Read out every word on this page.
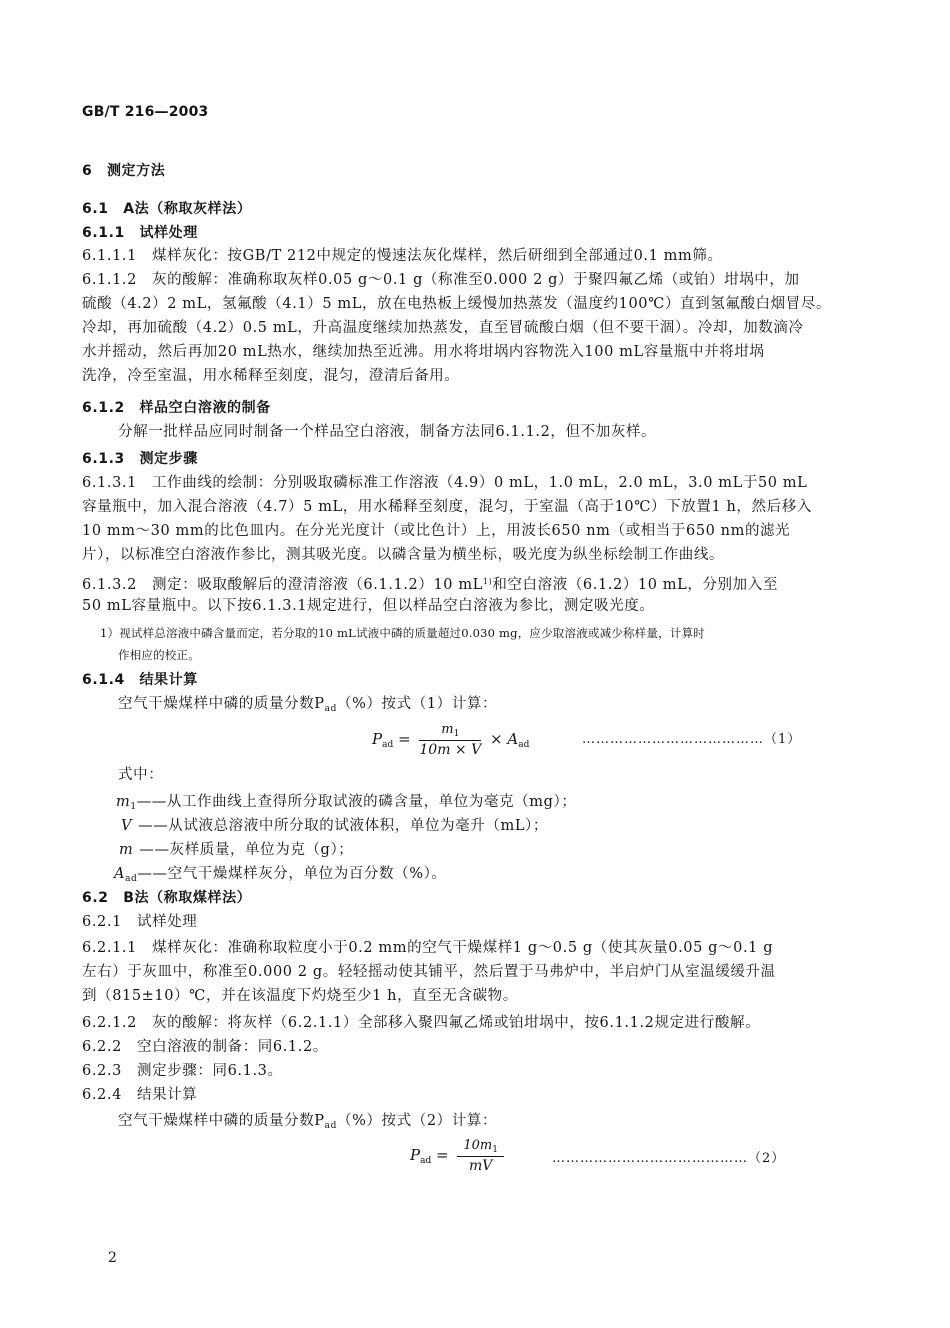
GB/T 216—2003
6　测定方法
6.1　A法（称取灰样法）
6.1.1　试样处理
6.1.1.1　煤样灰化：按GB/T 212中规定的慢速法灰化煤样，然后研细到全部通过0.1 mm筛。
6.1.1.2　灰的酸解：准确称取灰样0.05 g～0.1 g（称准至0.000 2 g）于聚四氟乙烯（或铂）坩埚中，加
硫酸（4.2）2 mL，氢氟酸（4.1）5 mL，放在电热板上缓慢加热蒸发（温度约100℃）直到氢氟酸白烟冒尽。
冷却，再加硫酸（4.2）0.5 mL，升高温度继续加热蒸发，直至冒硫酸白烟（但不要干涸）。冷却，加数滴冷
水并摇动，然后再加20 mL热水，继续加热至近沸。用水将坩埚内容物洗入100 mL容量瓶中并将坩埚
洗净，冷至室温，用水稀释至刻度，混匀，澄清后备用。
6.1.2　样品空白溶液的制备
分解一批样品应同时制备一个样品空白溶液，制备方法同6.1.1.2，但不加灰样。
6.1.3　测定步骤
6.1.3.1　工作曲线的绘制：分别吸取磷标准工作溶液（4.9）0 mL，1.0 mL，2.0 mL，3.0 mL于50 mL
容量瓶中，加入混合溶液（4.7）5 mL，用水稀释至刻度，混匀，于室温（高于10℃）下放置1 h，然后移入
10 mm～30 mm的比色皿内。在分光光度计（或比色计）上，用波长650 nm（或相当于650 nm的滤光
片），以标准空白溶液作参比，测其吸光度。以磷含量为横坐标，吸光度为纵坐标绘制工作曲线。
6.1.3.2　测定：吸取酸解后的澄清溶液（6.1.1.2）10 $mL^{1)}$和空白溶液（6.1.2）10 mL，分别加入至
50 mL容量瓶中。以下按6.1.3.1规定进行，但以样品空白溶液为参比，测定吸光度。
1）视试样总溶液中磷含量而定，若分取的10 mL试液中磷的质量超过0.030 mg，应少取溶液或减少称样量，计算时
作相应的校正。
6.1.4　结果计算
空气干燥煤样中磷的质量分数$P_{ad}(\%)$按式（1）计算：
$P_{ad} = \frac{m_1}{10m \times V} \times A_{ad}$	…………………………………（1）
式中：
$m_1——$从工作曲线上查得所分取试液的磷含量，单位为毫克（mg）；
V ——从试液总溶液中所分取的试液体积，单位为毫升（mL）；
m ——灰样质量，单位为克（g）；
$A_{ad}——$空气干燥煤样灰分，单位为百分数（%）。
6.2　B法（称取煤样法）
6.2.1　试样处理
6.2.1.1　煤样灰化：准确称取粒度小于0.2 mm的空气干燥煤样1 g～0.5 g（使其灰量0.05 g～0.1 g
左右）于灰皿中，称准至0.000 2 g。轻轻摇动使其铺平，然后置于马弗炉中，半启炉门从室温缓缓升温
到（815±10）℃，并在该温度下灼烧至少1 h，直至无含碳物。
6.2.1.2　灰的酸解：将灰样（6.2.1.1）全部移入聚四氟乙烯或铂坩埚中，按6.1.1.2规定进行酸解。
6.2.2　空白溶液的制备：同6.1.2。
6.2.3　测定步骤：同6.1.3。
6.2.4　结果计算
空气干燥煤样中磷的质量分数$P_{ad}(\%)$按式（2）计算：
$P_{ad} = \frac{10m_1}{mV}$	……………………………………（2）
2
